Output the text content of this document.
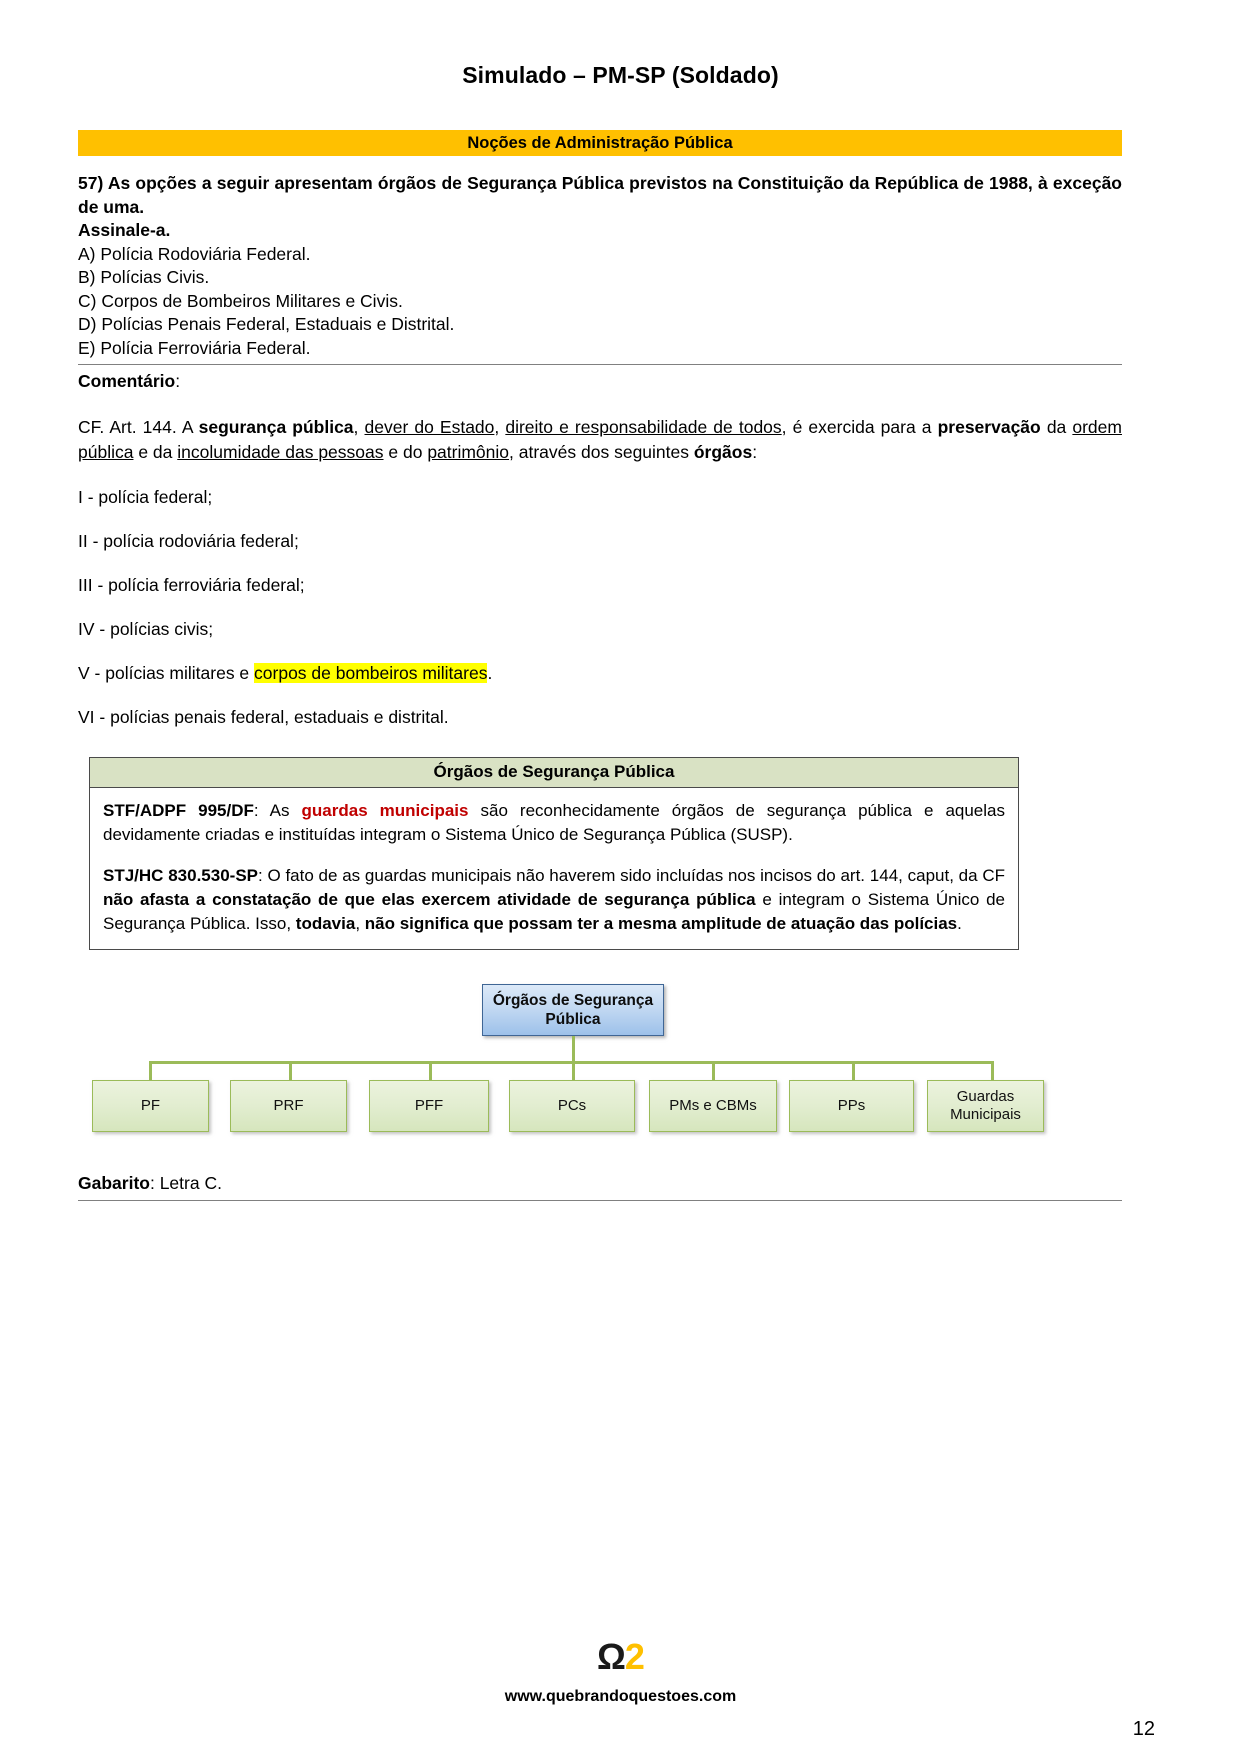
Simulado – PM-SP (Soldado)
Noções de Administração Pública

57) As opções a seguir apresentam órgãos de Segurança Pública previstos na Constituição da República de 1988, à exceção de uma.

Assinale-a.

A) Polícia Rodoviária Federal.

B) Polícias Civis.

C) Corpos de Bombeiros Militares e Civis.

D) Polícias Penais Federal, Estaduais e Distrital.

E) Polícia Ferroviária Federal.

Comentário:

CF. Art. 144. A segurança pública, dever do Estado, direito e responsabilidade de todos, é exercida para a preservação da ordem pública e da incolumidade das pessoas e do patrimônio, através dos seguintes órgãos:

I - polícia federal;

II - polícia rodoviária federal;

III - polícia ferroviária federal;

IV - polícias civis;

V - polícias militares e corpos de bombeiros militares.

VI - polícias penais federal, estaduais e distrital.

Órgãos de Segurança Pública

STF/ADPF 995/DF: As guardas municipais são reconhecidamente órgãos de segurança pública e aquelas devidamente criadas e instituídas integram o Sistema Único de Segurança Pública (SUSP).

STJ/HC 830.530-SP: O fato de as guardas municipais não haverem sido incluídas nos incisos do art. 144, caput, da CF não afasta a constatação de que elas exercem atividade de segurança pública e integram o Sistema Único de Segurança Pública. Isso, todavia, não significa que possam ter a mesma amplitude de atuação das polícias.

Órgãos de Segurança Pública
PF	PRF	PFF	PCs	PMs e CBMs	PPs
Guardas Municipais
Gabarito: Letra C.
Ω2
www.quebrandoquestoes.com
12
